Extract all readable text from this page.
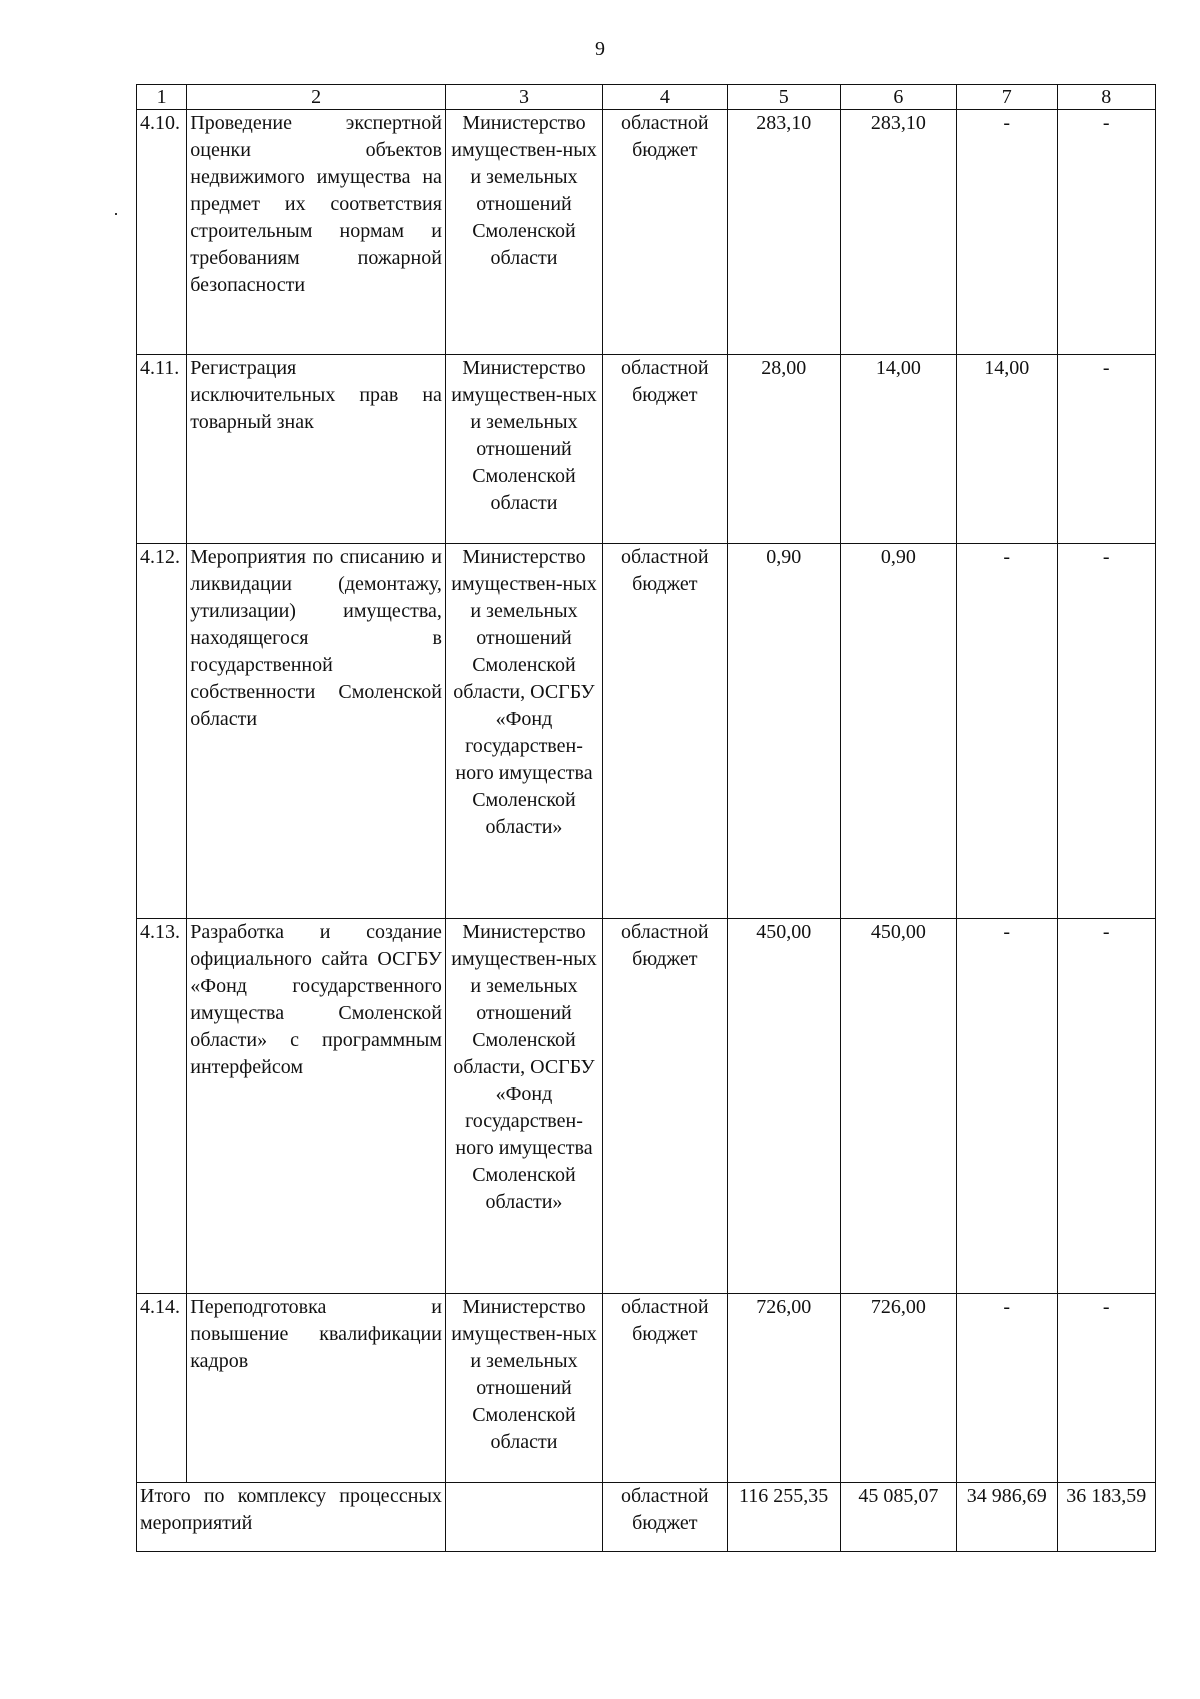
9
1	2	3	4	5	6	7	8
4.10.	Проведение экспертной оценки объектов недвижимого имущества на предмет их соответствия строительным нормам и требованиям пожарной безопасности	Министерство имуществен-ных и земельных отношений Смоленской области	областной бюджет	283,10	283,10	-	-
4.11.	Регистрация исключительных прав на товарный знак	Министерство имуществен-ных и земельных отношений Смоленской области	областной бюджет	28,00	14,00	14,00	-
4.12.	Мероприятия по списанию и ликвидации (демонтажу, утилизации) имущества, находящегося в государственной собственности Смоленской области	Министерство имуществен-ных и земельных отношений Смоленской области, ОСГБУ «Фонд государствен-ного имущества Смоленской области»	областной бюджет	0,90	0,90	-	-
4.13.	Разработка и создание официального сайта ОСГБУ «Фонд государственного имущества Смоленской области» с программным интерфейсом	Министерство имуществен-ных и земельных отношений Смоленской области, ОСГБУ «Фонд государствен-ного имущества Смоленской области»	областной бюджет	450,00	450,00	-	-
4.14.	Переподготовка и повышение квалификации кадров	Министерство имуществен-ных и земельных отношений Смоленской области	областной бюджет	726,00	726,00	-	-
Итого по комплексу процессных мероприятий			областной бюджет	116 255,35	45 085,07	34 986,69	36 183,59
